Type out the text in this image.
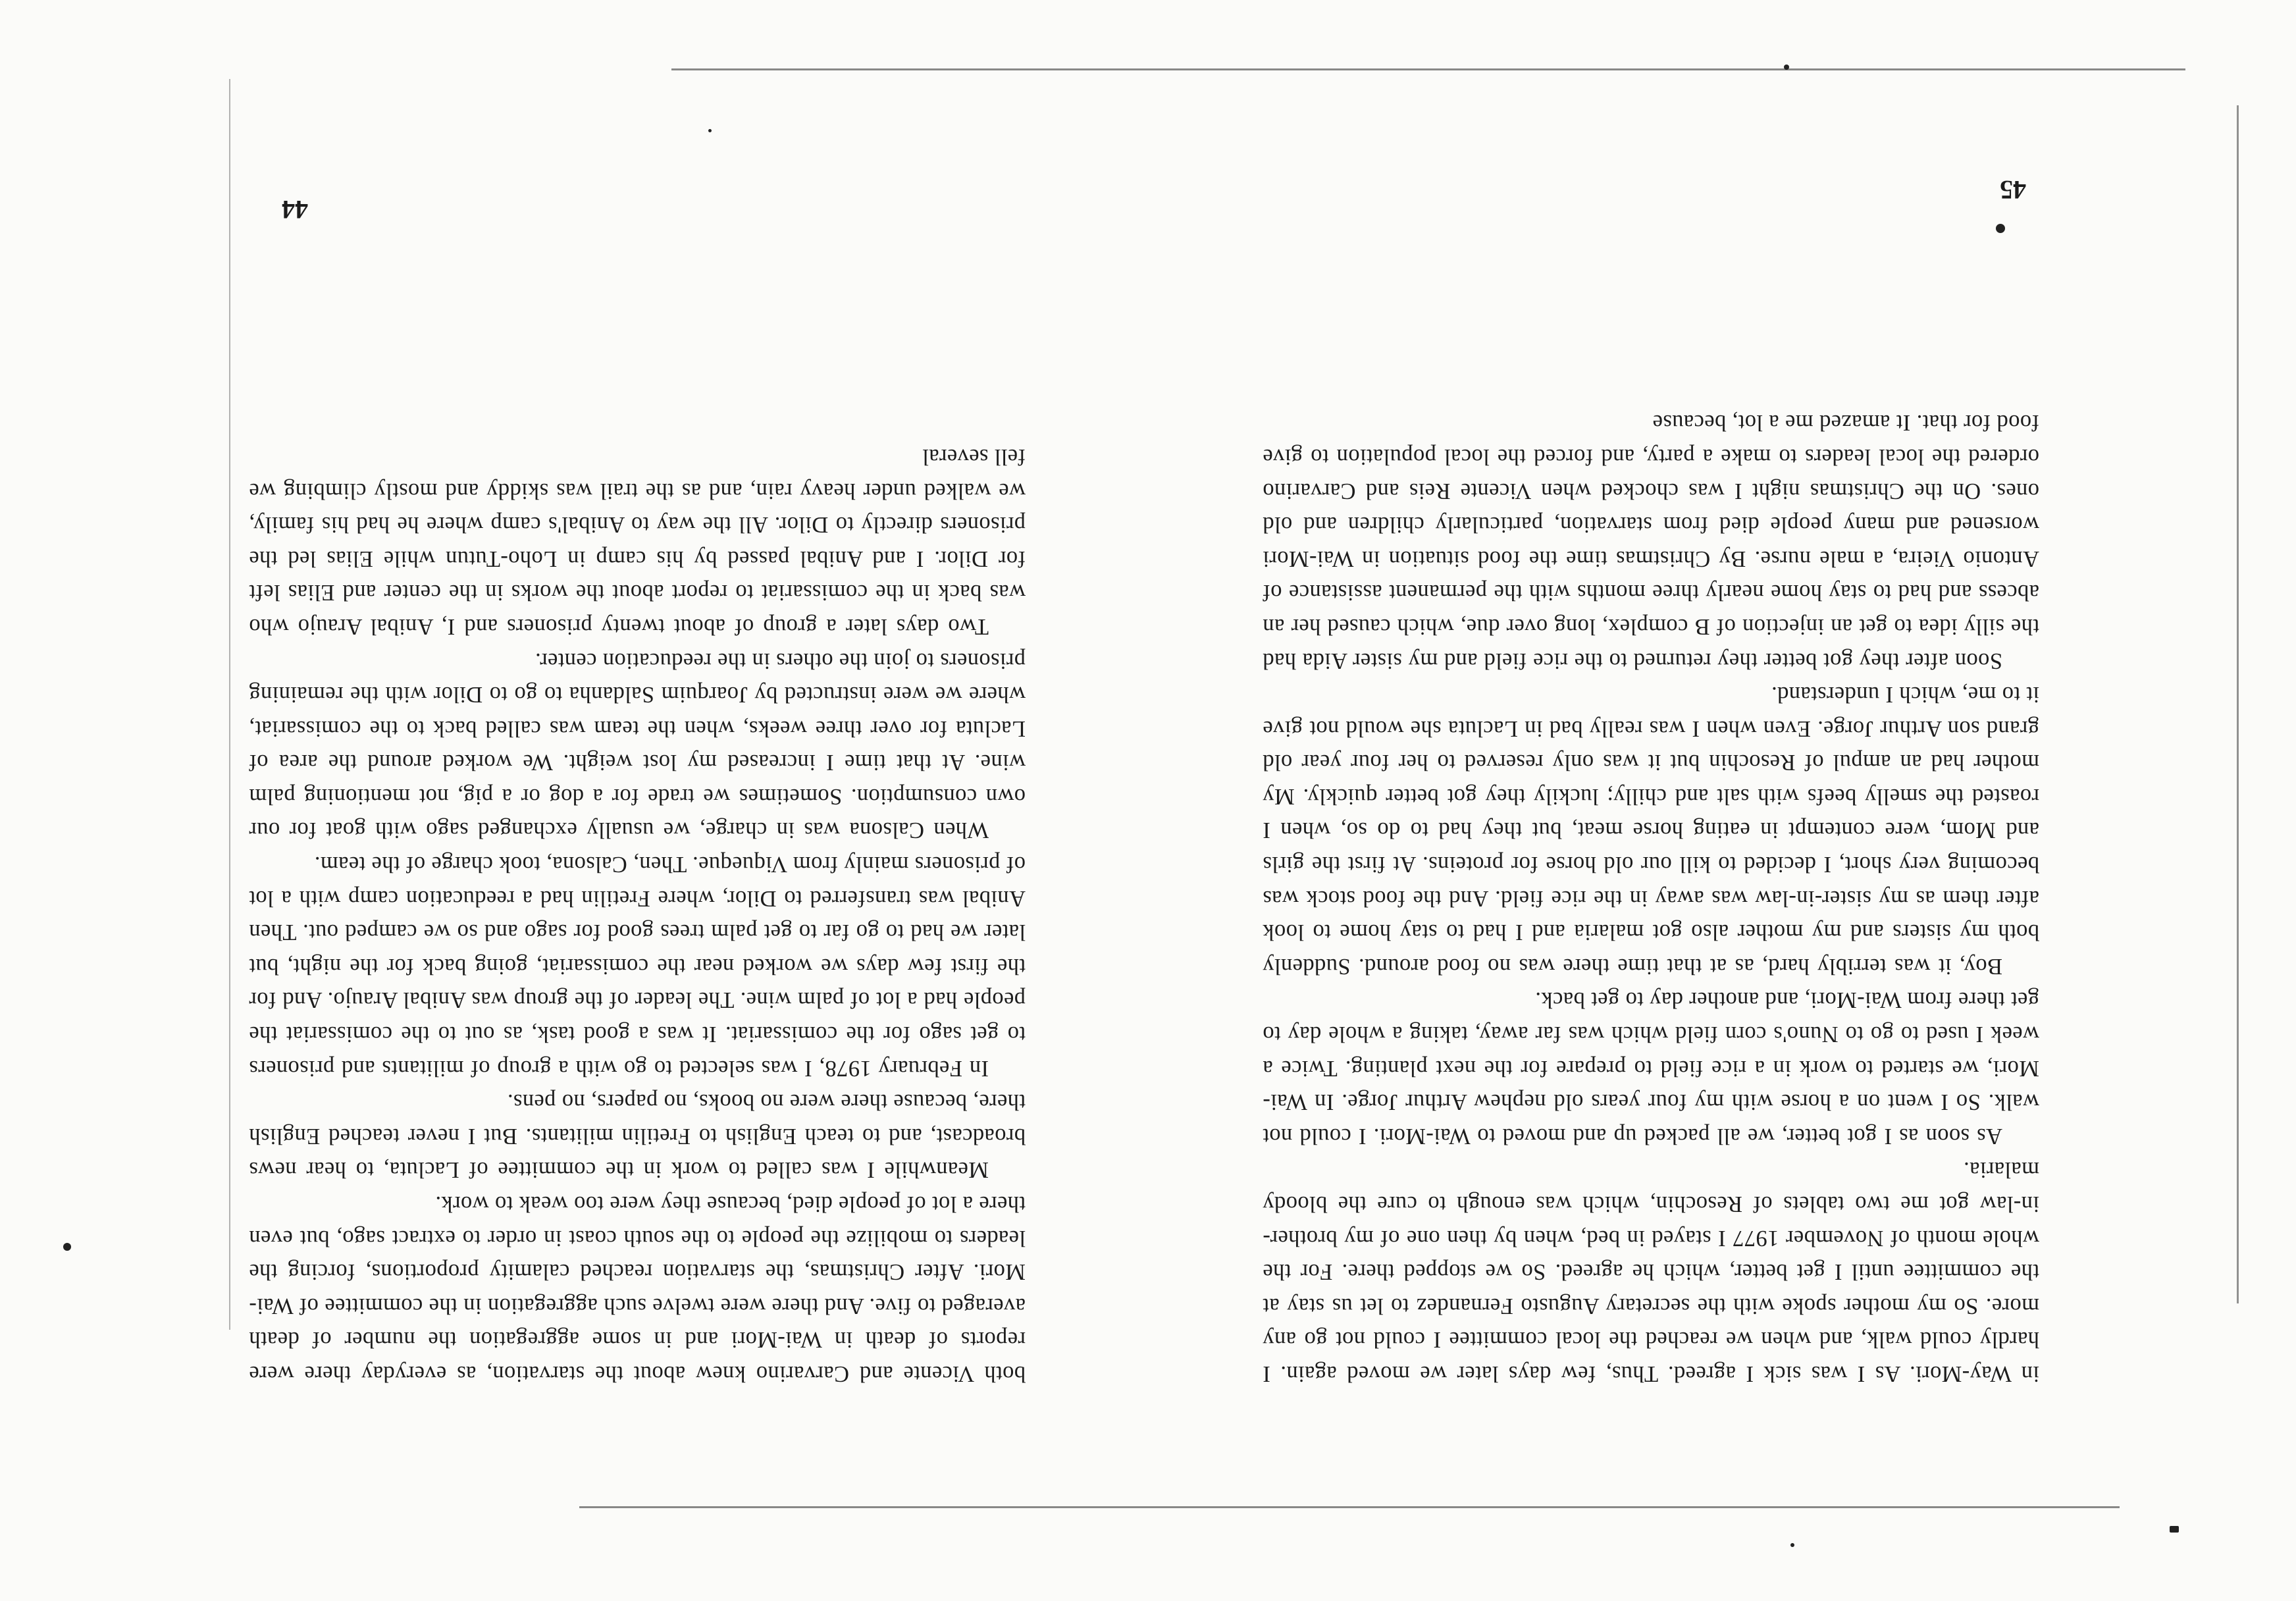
in Way-Mori. As I was sick I agreed. Thus, few days later we moved again. I hardly could walk, and when we reached the local committee I could not go any more. So my mother spoke with the secretary Augusto Fernandez to let us stay at the committee until I get better, which he agreed. So we stopped there. For the whole month of November 1977 I stayed in bed, when by then one of my brother-in-law got me two tablets of Resochin, which was enough to cure the bloody malaria.

As soon as I got better, we all packed up and moved to Wai-Mori. I could not walk. So I went on a horse with my four years old nephew Arthur Jorge. In Wai-Mori, we started to work in a rice field to prepare for the next planting. Twice a week I used to go to Nuno's corn field which was far away, taking a whole day to get there from Wai-Mori, and another day to get back.

Boy, it was terribly hard, as at that time there was no food around. Suddenly both my sisters and my mother also got malaria and I had to stay home to look after them as my sister-in-law was away in the rice field. And the food stock was becoming very short, I decided to kill our old horse for proteins. At first the girls and Mom, were contempt in eating horse meat, but they had to do so, when I roasted the smelly beefs with salt and chilly; luckily they got better quickly. My mother had an ampul of Resochin but it was only reserved to her four year old grand son Arthur Jorge. Even when I was really bad in Lacluta she would not give it to me, which I understand.

Soon after they got better they returned to the rice field and my sister Aida had the silly idea to get an injection of B complex, long over due, which caused her an abcess and had to stay home nearly three months with the permanent assistance of Antonio Vieira, a male nurse. By Christmas time the food situation in Wai-Mori worsened and many people died from starvation, particularly children and old ones. On the Christmas night I was chocked when Vicente Reis and Carvarino ordered the local leaders to make a party, and forced the local population to give food for that. It amazed me a lot, because

both Vicente and Carvarino knew about the starvation, as everyday there were reports of death in Wai-Mori and in some aggregation the number of death averaged to five. And there were twelve such aggregation in the committee of Wai-Mori. After Christmas, the starvation reached calamity proportions, forcing the leaders to mobilize the people to the south coast in order to extract sago, but even there a lot of people died, because they were too weak to work.

Meanwhile I was called to work in the committee of Lacluta, to hear news broadcast, and to teach English to Fretilin militants. But I never teached English there, because there were no books, no papers, no pens.

In February 1978, I was selected to go with a group of militants and prisoners to get sago for the comissariat. It was a good task, as out to the comissariat the people had a lot of palm wine. The leader of the group was Anibal Araujo. And for the first few days we worked near the comissariat, going back for the night, but later we had to go far to get palm trees good for sago and so we camped out. Then Anibal was transferred to Dilor, where Fretilin had a reeducation camp with a lot of prisoners mainly from Viqueque. Then, Calsona, took charge of the team.

When Calsona was in charge, we usually exchanged sago with goat for our own consumption. Sometimes we trade for a dog or a pig, not mentioning palm wine. At that time I increased my lost weight. We worked around the area of Lacluta for over three weeks, when the team was called back to the comissariat, where we were instructed by Joarquim Saldanha to go to Dilor with the remaining prisoners to join the others in the reeducation center.

Two days later a group of about twenty prisoners and I, Anibal Araujo who was back in the comissariat to report about the works in the center and Elias left for Dilor. I and Anibal passed by his camp in Loho-Tutun while Elias led the prisoners directly to Dilor. All the way to Anibal's camp where he had his family, we walked under heavy rain, and as the trail was skiddy and mostly climbing we fell several

44
45
